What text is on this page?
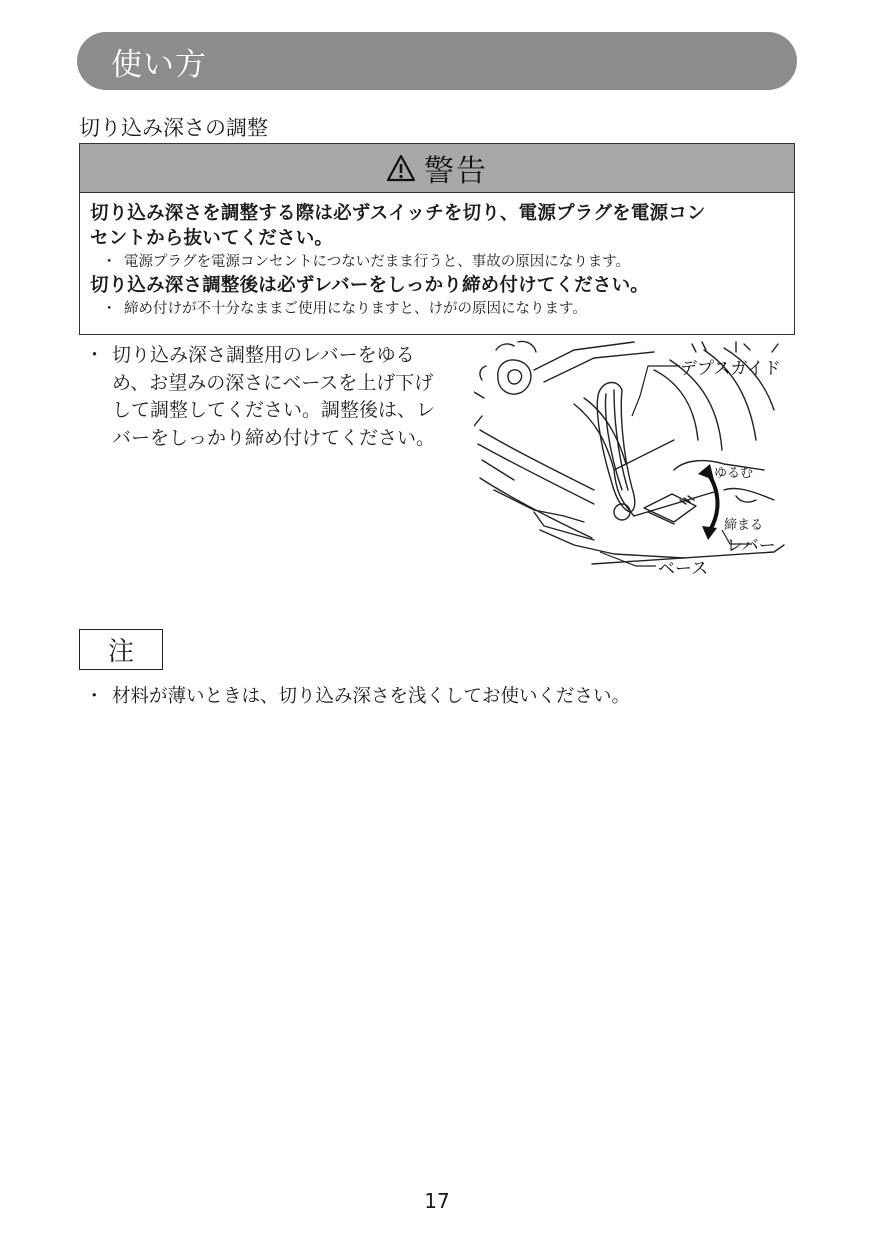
使い方
切り込み深さの調整
警告
切り込み深さを調整する際は必ずスイッチを切り、電源プラグを電源コン
セントから抜いてください。
・ 電源プラグを電源コンセントにつないだまま行うと、事故の原因になります。
切り込み深さ調整後は必ずレバーをしっかり締め付けてください。
・ 締め付けが不十分なままご使用になりますと、けがの原因になります。
・ 切り込み深さ調整用のレバーをゆる
め、お望みの深さにベースを上げ下げ
して調整してください。調整後は、レ
バーをしっかり締め付けてください。
デプスガイド
ゆるむ
締まる
レバー
ベース
注
・ 材料が薄いときは、切り込み深さを浅くしてお使いください。
17
